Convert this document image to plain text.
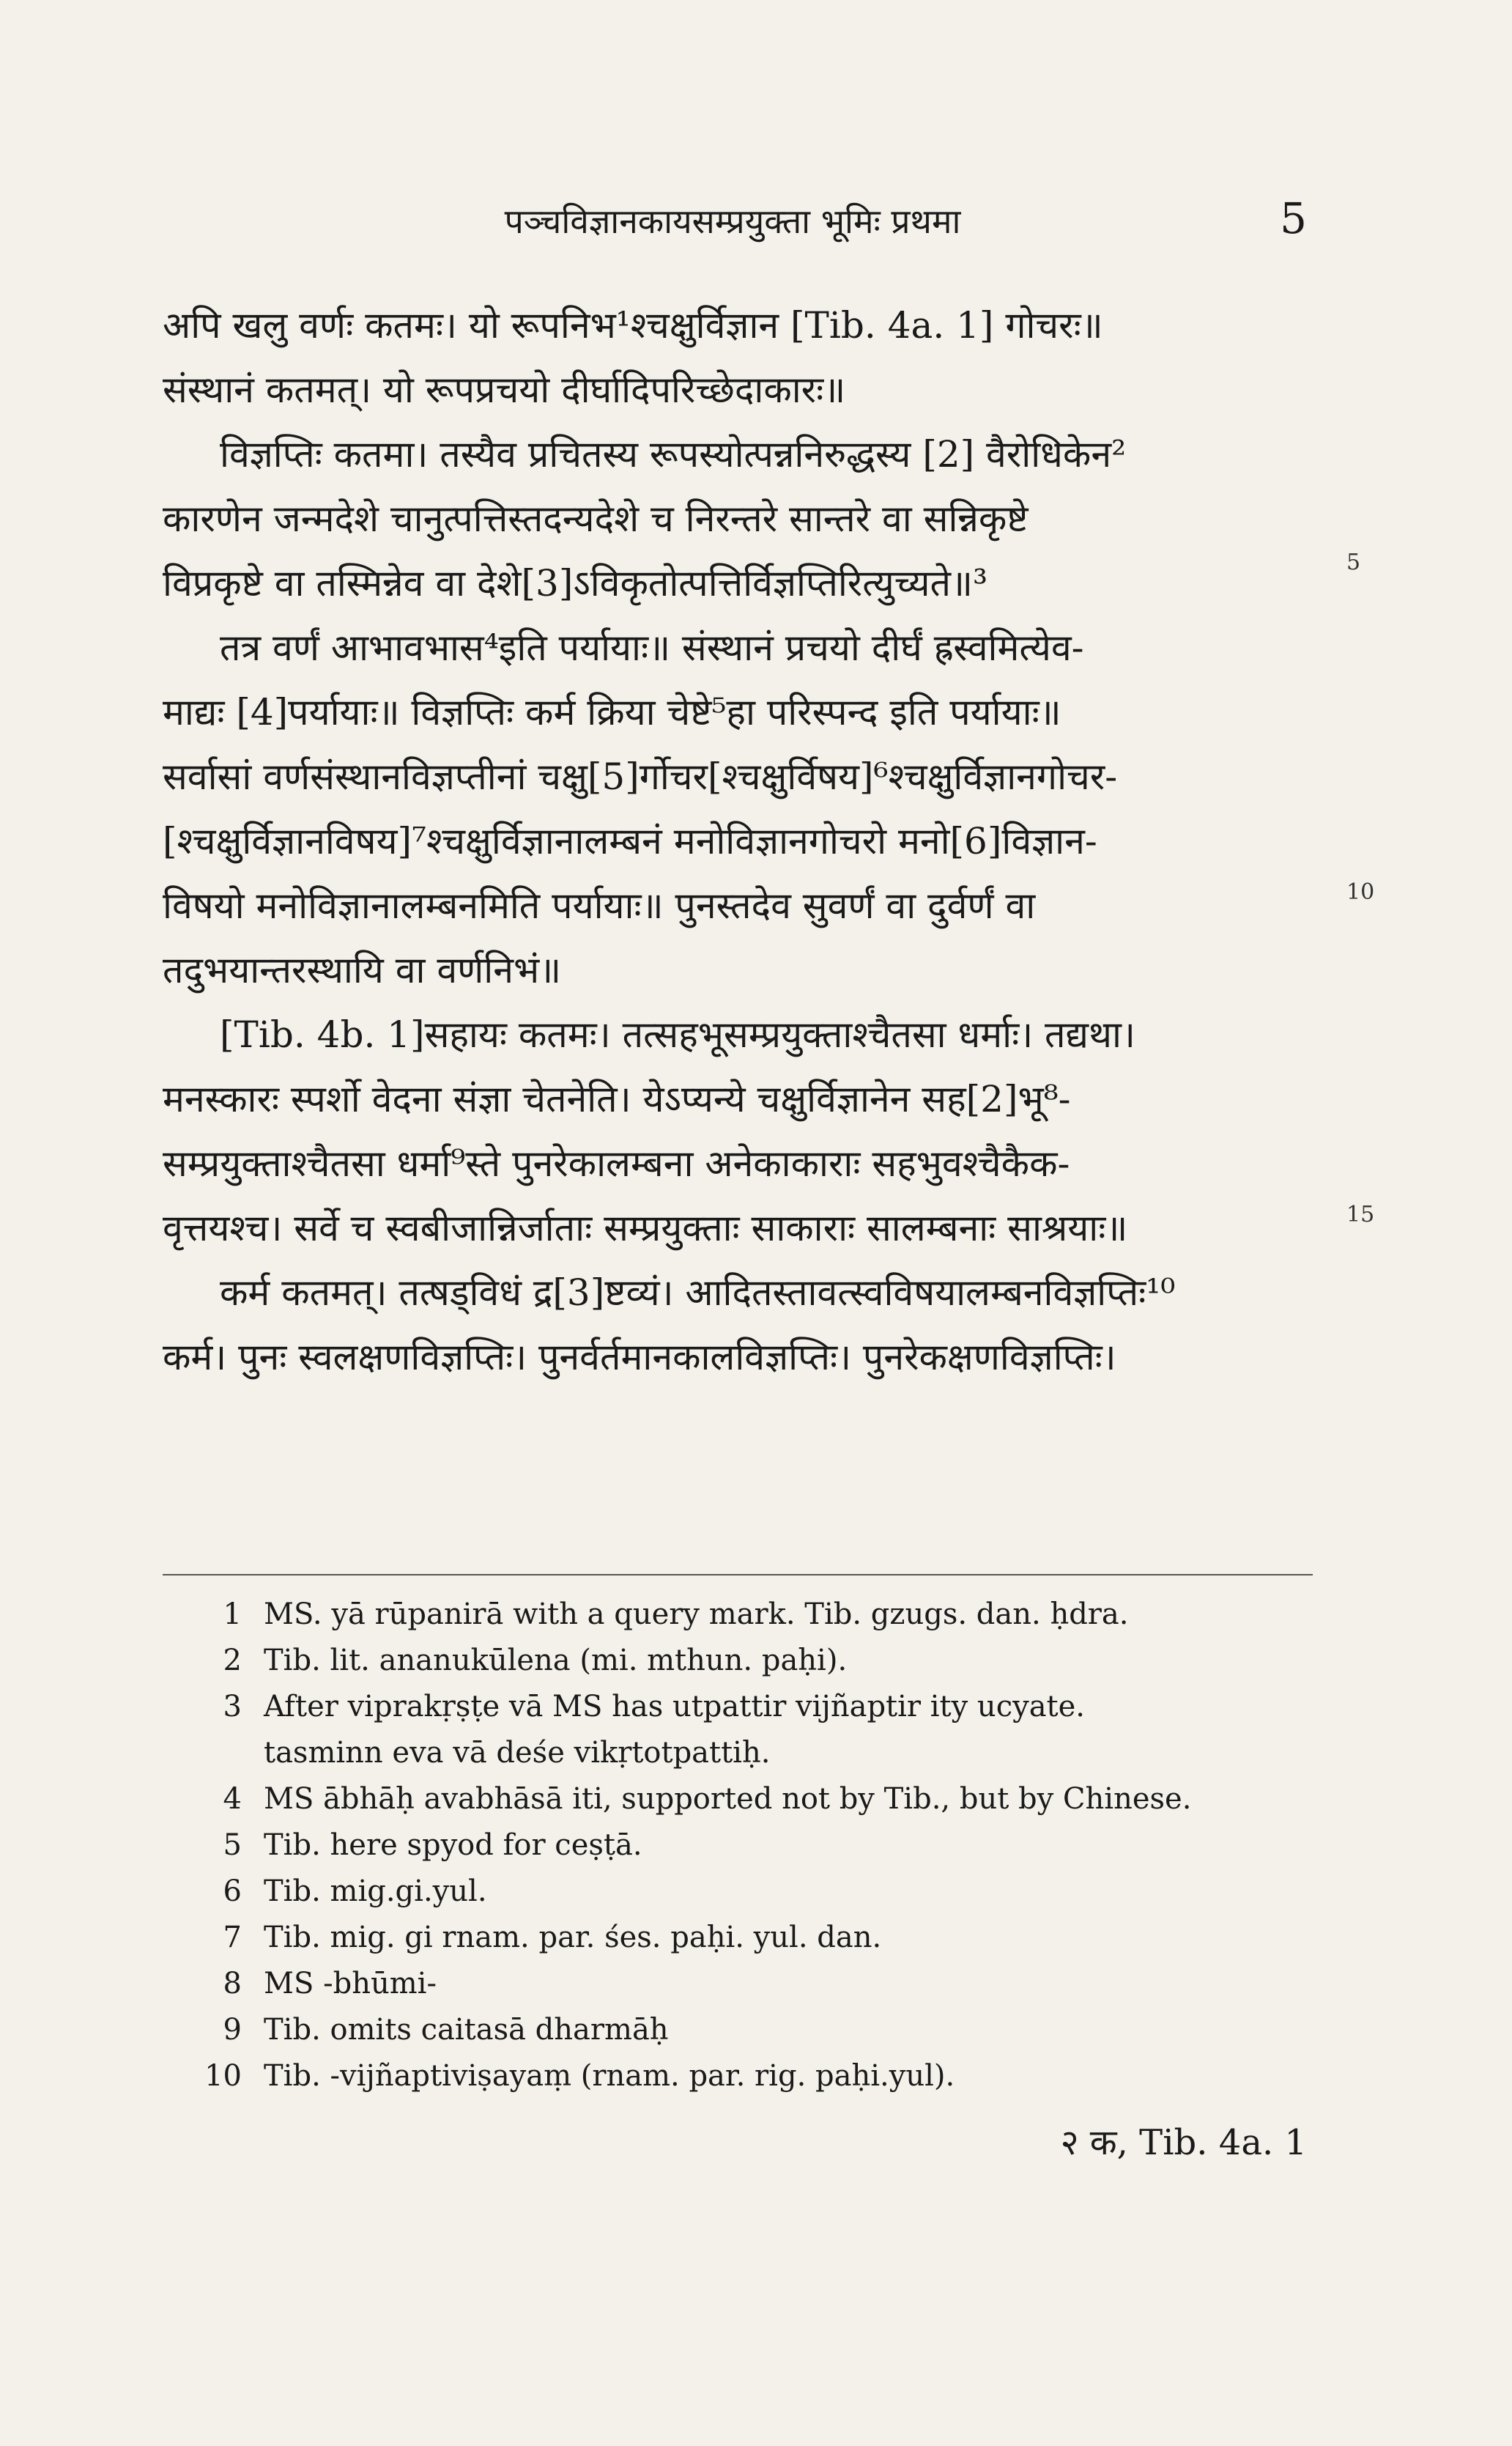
पञ्चविज्ञानकायसम्प्रयुक्ता भूमिः प्रथमा	5
अपि खलु वर्णः कतमः। यो रूपनिभ¹श्चक्षुर्विज्ञान [Tib. 4a. 1] गोचरः॥
संस्थानं कतमत्। यो रूपप्रचयो दीर्घादिपरिच्छेदाकारः॥
विज्ञप्तिः कतमा। तस्यैव प्रचितस्य रूपस्योत्पन्ननिरुद्धस्य [2] वैरोधिकेन²
कारणेन जन्मदेशे चानुत्पत्तिस्तदन्यदेशे च निरन्तरे सान्तरे वा सन्निकृष्टे
विप्रकृष्टे वा तस्मिन्नेव वा देशे[3]ऽविकृतोत्पत्तिर्विज्ञप्तिरित्युच्यते॥³
तत्र वर्णं आभावभास⁴इति पर्यायाः॥ संस्थानं प्रचयो दीर्घं ह्रस्वमित्येव-
माद्यः [4]पर्यायाः॥ विज्ञप्तिः कर्म क्रिया चेष्टे⁵हा परिस्पन्द इति पर्यायाः॥
सर्वासां वर्णसंस्थानविज्ञप्तीनां चक्षु[5]र्गोचर[श्चक्षुर्विषय]⁶श्चक्षुर्विज्ञानगोचर-
[श्चक्षुर्विज्ञानविषय]⁷श्चक्षुर्विज्ञानालम्बनं मनोविज्ञानगोचरो मनो[6]विज्ञान-
विषयो मनोविज्ञानालम्बनमिति पर्यायाः॥ पुनस्तदेव सुवर्णं वा दुर्वर्णं वा
तदुभयान्तरस्थायि वा वर्णनिभं॥
[Tib. 4b. 1]सहायः कतमः। तत्सहभूसम्प्रयुक्ताश्चैतसा धर्माः। तद्यथा।
मनस्कारः स्पर्शो वेदना संज्ञा चेतनेति। येऽप्यन्ये चक्षुर्विज्ञानेन सह[2]भू⁸-
सम्प्रयुक्ताश्चैतसा धर्मा⁹स्ते पुनरेकालम्बना अनेकाकाराः सहभुवश्चैकैक-
वृत्तयश्च। सर्वे च स्वबीजान्निर्जाताः सम्प्रयुक्ताः साकाराः सालम्बनाः साश्रयाः॥
कर्म कतमत्। तत्षड्विधं द्र[3]ष्टव्यं। आदितस्तावत्स्वविषयालम्बनविज्ञप्तिः¹⁰
कर्म। पुनः स्वलक्षणविज्ञप्तिः। पुनर्वर्तमानकालविज्ञप्तिः। पुनरेकक्षणविज्ञप्तिः।
5
10
15
1 MS. yā rūpanirā with a query mark. Tib. gzugs. dan. ḥdra.
2 Tib. lit. ananukūlena (mi. mthun. paḥi).
3 After viprakṛṣṭe vā MS has utpattir vijñaptir ity ucyate.
tasminn eva vā deśe vikṛtotpattiḥ.
4 MS ābhāḥ avabhāsā iti, supported not by Tib., but by Chinese.
5 Tib. here spyod for ceṣṭā.
6 Tib. mig.gi.yul.
7 Tib. mig. gi rnam. par. śes. paḥi. yul. dan.
8 MS -bhūmi-
9 Tib. omits caitasā dharmāḥ
10 Tib. -vijñaptiviṣayaṃ (rnam. par. rig. paḥi.yul).
२ क, Tib. 4a. 1
